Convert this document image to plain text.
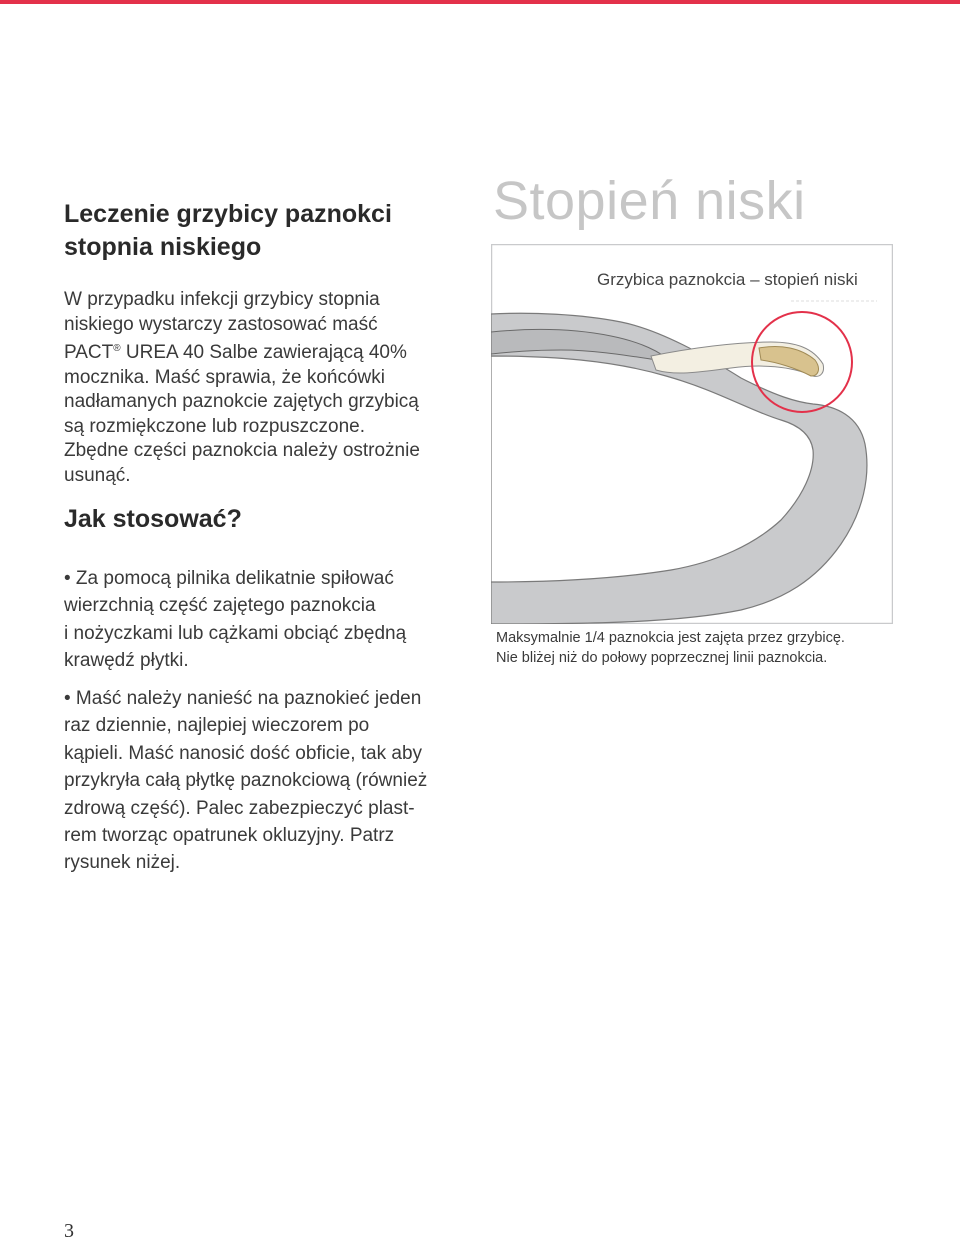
Leczenie grzybicy paznokci
stopnia niskiego
W przypadku infekcji grzybicy stopnia
niskiego wystarczy zastosować maść
PACT® UREA 40 Salbe zawierającą 40%
mocznika. Maść sprawia, że końcówki
nadłamanych paznokcie zajętych grzybicą
są rozmiękczone lub rozpuszczone.
Zbędne części paznokcia należy ostrożnie
usunąć.
Jak stosować?
• Za pomocą pilnika delikatnie spiłować
wierzchnią część zajętego paznokcia
i nożyczkami lub cążkami obciąć zbędną
krawędź płytki.
• Maść należy nanieść na paznokieć jeden
raz dziennie, najlepiej wieczorem po
kąpieli. Maść nanosić dość obficie, tak aby
przykryła całą płytkę paznokciową (również
zdrową część). Palec zabezpieczyć plast-
rem tworząc opatrunek okluzyjny. Patrz
rysunek niżej.
Stopień niski
Grzybica paznokcia – stopień niski
Maksymalnie 1/4 paznokcia jest zajęta przez grzybicę.
Nie bliżej niż do połowy poprzecznej linii paznokcia.
3
